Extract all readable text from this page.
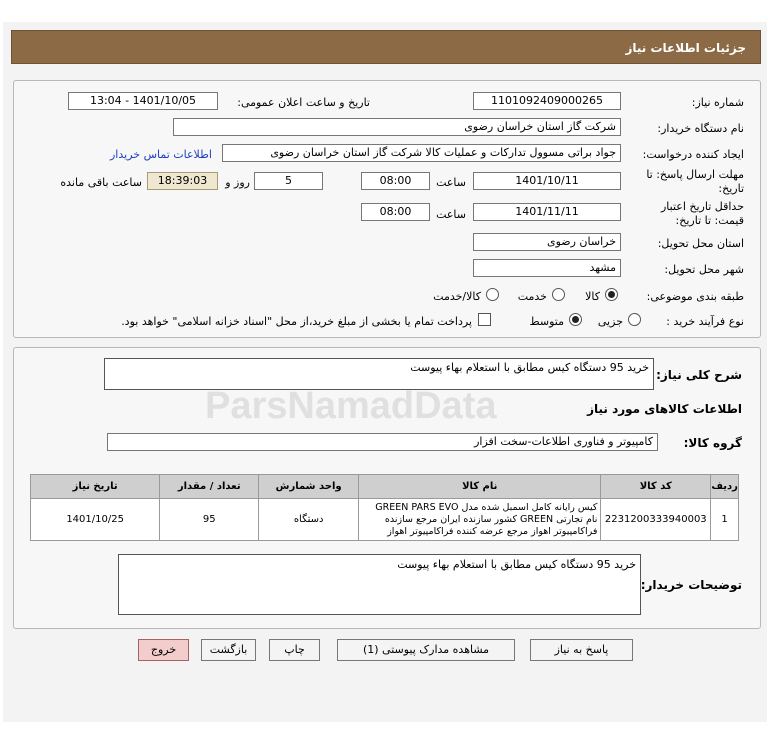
جزئیات اطلاعات نیاز
شماره نیاز:
1101092409000265
تاریخ و ساعت اعلان عمومی:
1401/10/05 - 13:04
نام دستگاه خریدار:
شرکت گاز استان خراسان رضوی
ایجاد کننده درخواست:
جواد براتی مسوول تدارکات و عملیات کالا شرکت گاز استان خراسان رضوی
اطلاعات تماس خریدار
مهلت ارسال پاسخ: تا تاریخ:
1401/10/11
ساعت
08:00
5
روز و
18:39:03
ساعت باقی مانده
حداقل تاریخ اعتبار قیمت: تا تاریخ:
1401/11/11
ساعت
08:00
استان محل تحویل:
خراسان رضوی
شهر محل تحویل:
مشهد
طبقه بندی موضوعی:
کالا
خدمت
کالا/خدمت
نوع فرآیند خرید :
جزیی
متوسط
پرداخت تمام یا بخشی از مبلغ خرید،از محل "اسناد خزانه اسلامی" خواهد بود.
شرح کلی نیاز:
خرید 95 دستگاه کیس مطابق با استعلام بهاء پیوست
اطلاعات کالاهای مورد نیاز
گروه کالا:
کامپیوتر و فناوری اطلاعات-سخت افزار
ردیف	کد کالا	نام کالا	واحد شمارش	تعداد / مقدار	تاریخ نیاز
1	2231200333940003	کیس رایانه کامل اسمبل شده مدل GREEN PARS EVO نام تجارتی GREEN کشور سازنده ایران مرجع سازنده فراکامپیوتر اهواز مرجع عرضه کننده فراکامپیوتر اهواز	دستگاه	95	1401/10/25
توضیحات خریدار:
خرید 95 دستگاه کیس مطابق با استعلام بهاء پیوست
پاسخ به نیاز
مشاهده مدارک پیوستی (1)
چاپ
بازگشت
خروج
